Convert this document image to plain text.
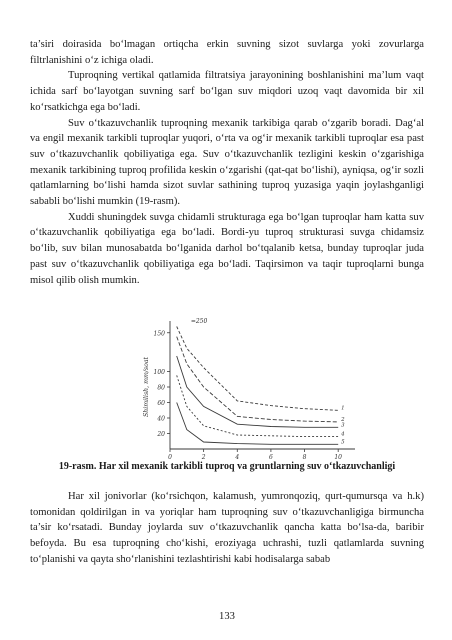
ta’siri doirasida bo‘lmagan ortiqcha erkin suvning sizot suvlarga yoki zovurlarga filtrlanishini o‘z ichiga oladi.

Tuproqning vertikal qatlamida filtratsiya jarayonining boshlanishini ma’lum vaqt ichida sarf bo‘layotgan suvning sarf bo‘lgan suv miqdori uzoq vaqt davomida bir xil ko‘rsatkichga ega bo‘ladi.

Suv o‘tkazuvchanlik tuproqning mexanik tarkibiga qarab o‘zgarib boradi. Dag‘al va engil mexanik tarkibli tuproqlar yuqori, o‘rta va og‘ir mexanik tarkibli tuproqlar esa past suv o‘tkazuvchanlik qobiliyatiga ega. Suv o‘tkazuvchanlik tezligini keskin o‘zgarishiga mexanik tarkibining tuproq profilida keskin o‘zgarishi (qat-qat bo‘lishi), ayniqsa, og‘ir sozli qatlamlarning bo‘lishi hamda sizot suvlar sathining tuproq yuzasiga yaqin joylashganligi sababli bo‘lishi mumkin (19-rasm).

Xuddi shuningdek suvga chidamli strukturaga ega bo‘lgan tuproqlar ham katta suv o‘tkazuvchanlik qobiliyatiga ega bo‘ladi. Bordi-yu tuproq strukturasi suvga chidamsiz bo‘lib, suv bilan munosabatda bo‘lganida darhol bo‘tqalanib ketsa, bunday tuproqlar juda past suv o‘tkazuvchanlik qobiliyatiga ega bo‘ladi. Taqirsimon va taqir tuproqlarni bunga misol qilib olish mumkin.

150
100
80
60
40
20
0	2	4	6	8	10
Shimilish, mm/soat
=250
1
2
3
4
5
19-rasm. Har xil mexanik tarkibli tuproq va gruntlarning suv o‘tkazuvchanligi

Har xil jonivorlar (ko‘rsichqon, kalamush, yumronqoziq, qurt-qumursqa va h.k) tomonidan qoldirilgan in va yoriqlar ham tuproqning suv o‘tkazuvchanligiga birmuncha ta’sir ko‘rsatadi. Bunday joylarda suv o‘tkazuvchanlik qancha katta bo‘lsa-da, baribir befoyda. Bu esa tuproqning cho‘kishi, eroziyaga uchrashi, tuzli qatlamlarda suvning to‘planishi va qayta sho‘rlanishini tezlashtirishi kabi hodisalarga sabab

133
